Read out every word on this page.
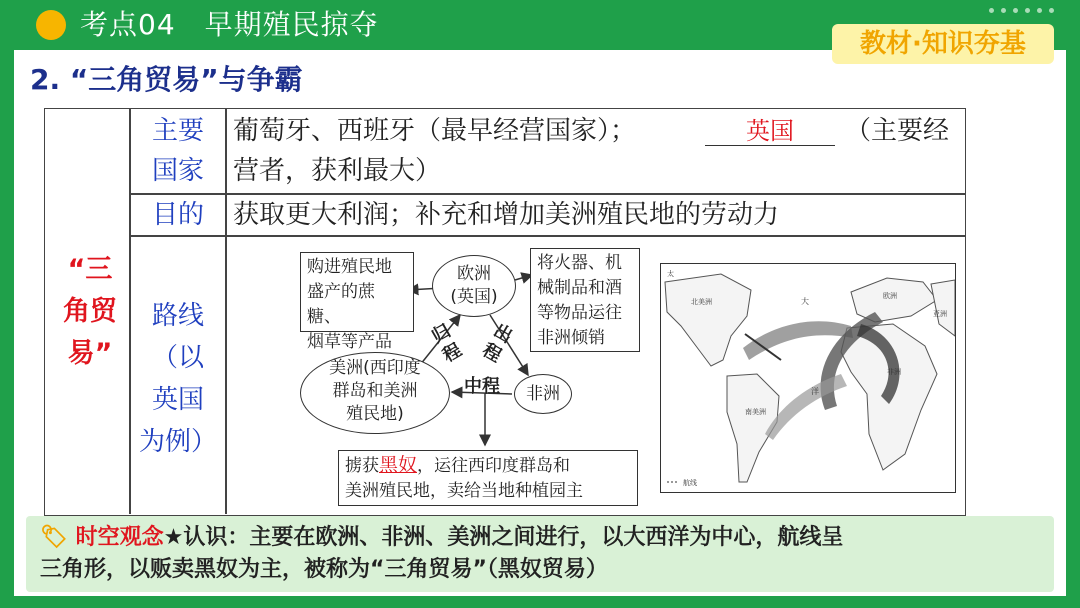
考点04　早期殖民掠夺
教材·知识夯基
2. “三角贸易”与争霸
“三
角贸
易”
主要
国家
葡萄牙、西班牙（最早经营国家）；	英国	（主要经
营者，获利最大）
目的	获取更大利润；补充和增加美洲殖民地的劳动力
路线
（以
英国
为例）
购进殖民地
盛产的蔗糖、
烟草等产品
欧洲
(英国)
将火器、机
械制品和酒
等物品运往
非洲倾销
归
程
出
程
美洲(西印度
群岛和美洲
殖民地)
中程	非洲
掳获黑奴，运往西印度群岛和
美洲殖民地，卖给当地种植园主
北美洲
欧洲
亚洲
大
洋
非洲
南美洲
太
航线
🏷 时空观念★认识：主要在欧洲、非洲、美洲之间进行，以大西洋为中心，航线呈
三角形，以贩卖黑奴为主，被称为“三角贸易”（黑奴贸易）
